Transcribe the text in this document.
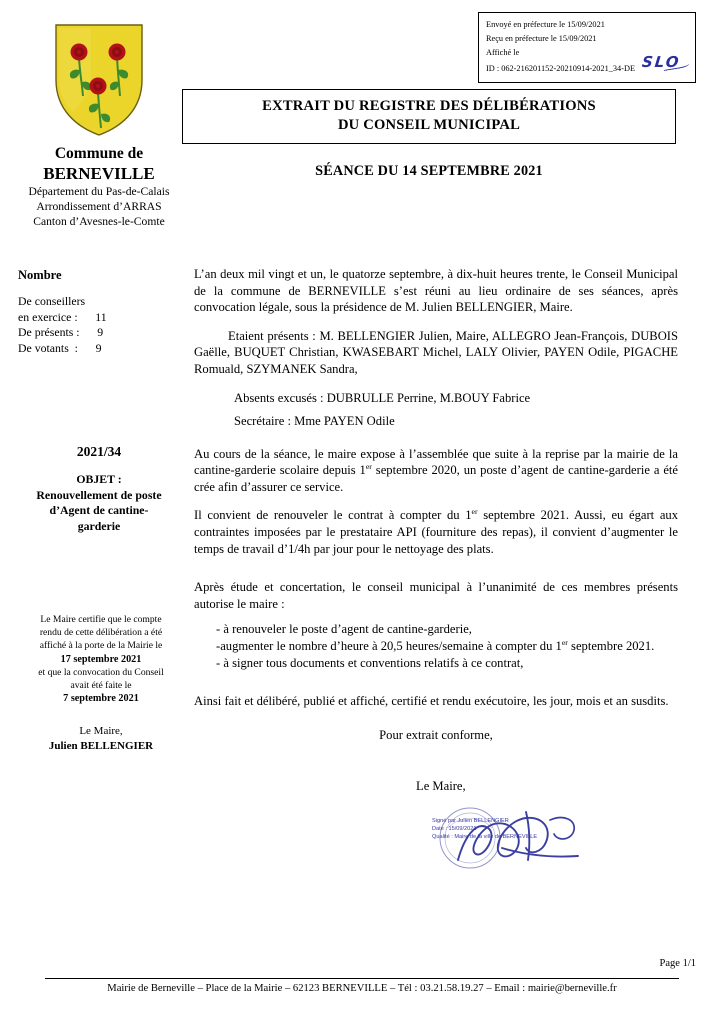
Envoyé en préfecture le 15/09/2021
Reçu en préfecture le 15/09/2021
Affiché le
ID : 062-216201152-20210914-2021_34-DE SLO
Commune de
BERNEVILLE
Département du Pas-de-Calais
Arrondissement d’ARRAS
Canton d’Avesnes-le-Comte
Nombre
De conseillers
en exercice :      11
De présents :      9
De votants  :      9
2021/34
OBJET :
Renouvellement de poste
d’Agent de cantine-
garderie
Le Maire certifie que le compte
rendu de cette délibération a été
affiché à la porte de la Mairie le
17 septembre 2021
et que la convocation du Conseil
avait été faite le
7 septembre 2021
Le Maire,
Julien BELLENGIER
EXTRAIT DU REGISTRE DES DÉLIBÉRATIONS
DU CONSEIL MUNICIPAL
SÉANCE DU 14 SEPTEMBRE 2021

L’an deux mil vingt et un, le quatorze septembre, à dix-huit heures trente, le Conseil Municipal de la commune de BERNEVILLE s’est réuni au lieu ordinaire de ses séances, après convocation légale, sous la présidence de M. Julien BELLENGIER, Maire.

Etaient présents : M. BELLENGIER Julien, Maire, ALLEGRO Jean-François, DUBOIS Gaëlle, BUQUET Christian, KWASEBART Michel, LALY Olivier, PAYEN Odile, PIGACHE Romuald, SZYMANEK Sandra,

Absents excusés : DUBRULLE Perrine, M.BOUY Fabrice

Secrétaire : Mme PAYEN Odile

Au cours de la séance, le maire expose à l’assemblée que suite à la reprise par la mairie de la cantine-garderie scolaire depuis 1er septembre 2020, un poste d’agent de cantine-garderie a été crée afin d’assurer ce service.

Il convient de renouveler le contrat à compter du 1er septembre 2021. Aussi, eu égart aux contraintes imposées par le prestataire API (fourniture des repas), il convient d’augmenter le temps de travail d’1/4h par jour pour le nettoyage des plats.

Après étude et concertation, le conseil municipal à l’unanimité de ces membres présents autorise le maire :

- à renouveler le poste d’agent de cantine-garderie,

-augmenter le nombre d’heure à 20,5 heures/semaine à compter du 1er septembre 2021.

- à signer tous documents et conventions relatifs à ce contrat,

Ainsi fait et délibéré, publié et affiché, certifié et rendu exécutoire, les jour, mois et an susdits.

Pour extrait conforme,

Le Maire,

Signé par Julien BELLENGIER
Date : 15/09/2021
Qualité : Maire de la ville de BERNEVILLE
Page 1/1
Mairie de Berneville – Place de la Mairie – 62123 BERNEVILLE – Tél : 03.21.58.19.27 – Email : mairie@berneville.fr
